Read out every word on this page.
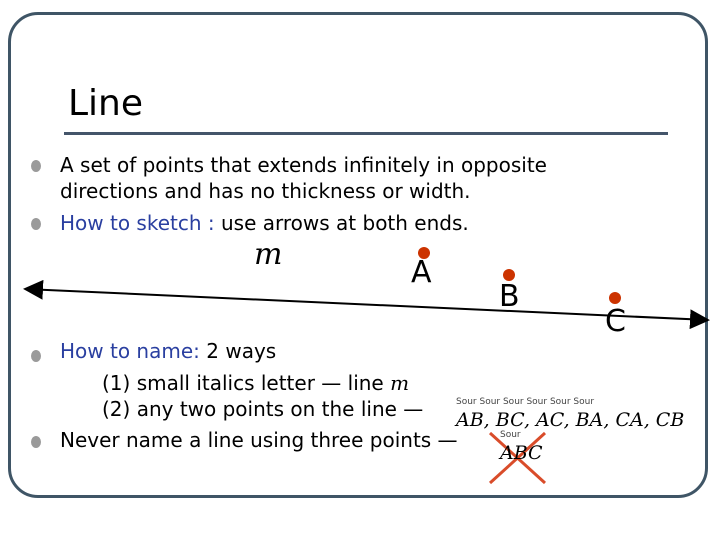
Line
A set of points that extends infinitely in opposite
directions and has no thickness or width.
How to sketch : use arrows at both ends.
m
A
B
C
How to name: 2 ways
(1) small italics letter — line m
(2) any two points on the line —	Sour Sour Sour Sour Sour Sour
AB, BC, AC, BA, CA, CB
Never name a line using three points —	Sour
ABC
